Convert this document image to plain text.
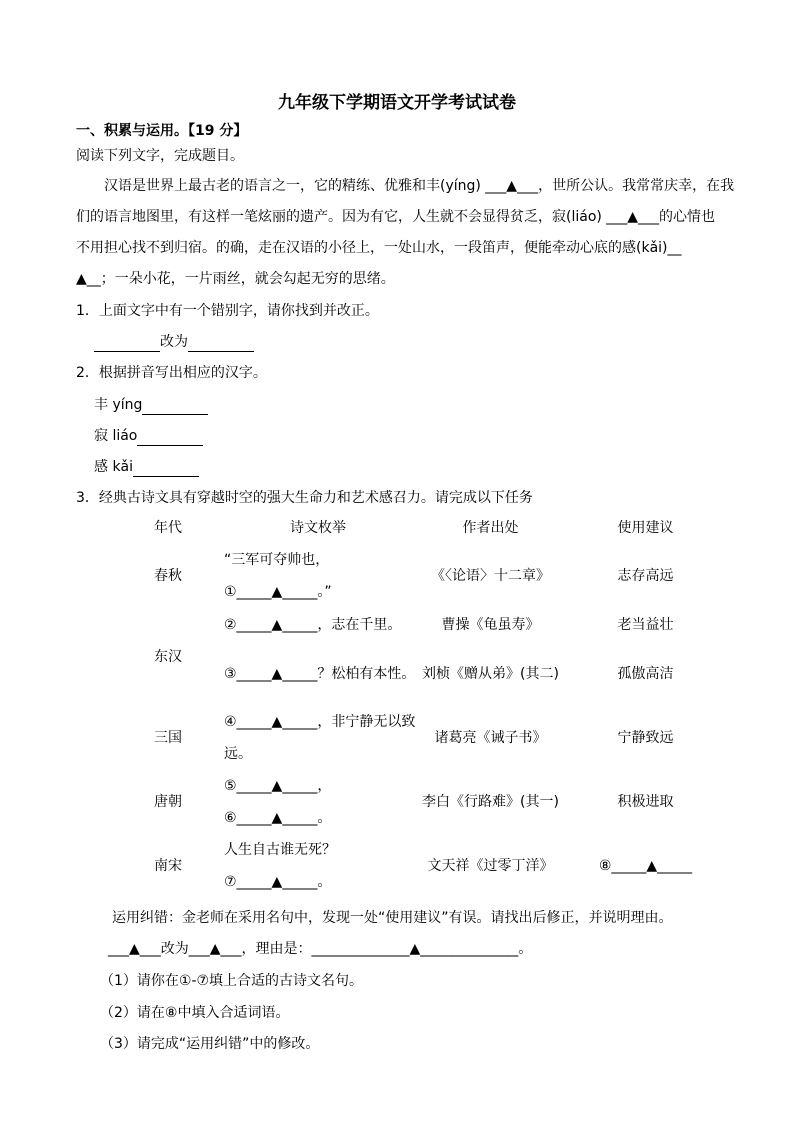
九年级下学期语文开学考试试卷
一、积累与运用。【19 分】
阅读下列文字，完成题目。
汉语是世界上最古老的语言之一，它的精练、优雅和丰(yíng) ___▲___，世所公认。我常常庆幸，在我
们的语言地图里，有这样一笔炫丽的遗产。因为有它，人生就不会显得贫乏，寂(liáo) ___▲___的心情也
不用担心找不到归宿。的确，走在汉语的小径上，一处山水，一段笛声，便能牵动心底的感(kǎi)__
▲__；一朵小花，一片雨丝，就会勾起无穷的思绪。
1．上面文字中有一个错别字，请你找到并改正。
改为
2．根据拼音写出相应的汉字。
丰 yíng
寂 liáo
感 kǎi
3．经典古诗文具有穿越时空的强大生命力和艺术感召力。请完成以下任务
年代	诗文枚举	作者出处	使用建议
春秋	“三军可夺帅也，①_____▲_____。”	《〈论语〉十二章》	志存高远
东汉	②_____▲_____，志在千里。	曹操《龟虽寿》	老当益壮
	③_____▲_____？松柏有本性。	刘桢《赠从弟》(其二)	孤傲高洁
三国	④_____▲_____，非宁静无以致远。	诸葛亮《诫子书》	宁静致远
唐朝	⑤_____▲_____，⑥_____▲_____。	李白《行路难》(其一)	积极进取
南宋	人生自古谁无死？⑦_____▲_____。	文天祥《过零丁洋》	⑧_____▲_____
运用纠错：金老师在采用名句中，发现一处“使用建议”有误。请找出后修正，并说明理由。
___▲___改为___▲___，理由是：______________▲______________。
（1）请你在①-⑦填上合适的古诗文名句。
（2）请在⑧中填入合适词语。
（3）请完成“运用纠错”中的修改。
